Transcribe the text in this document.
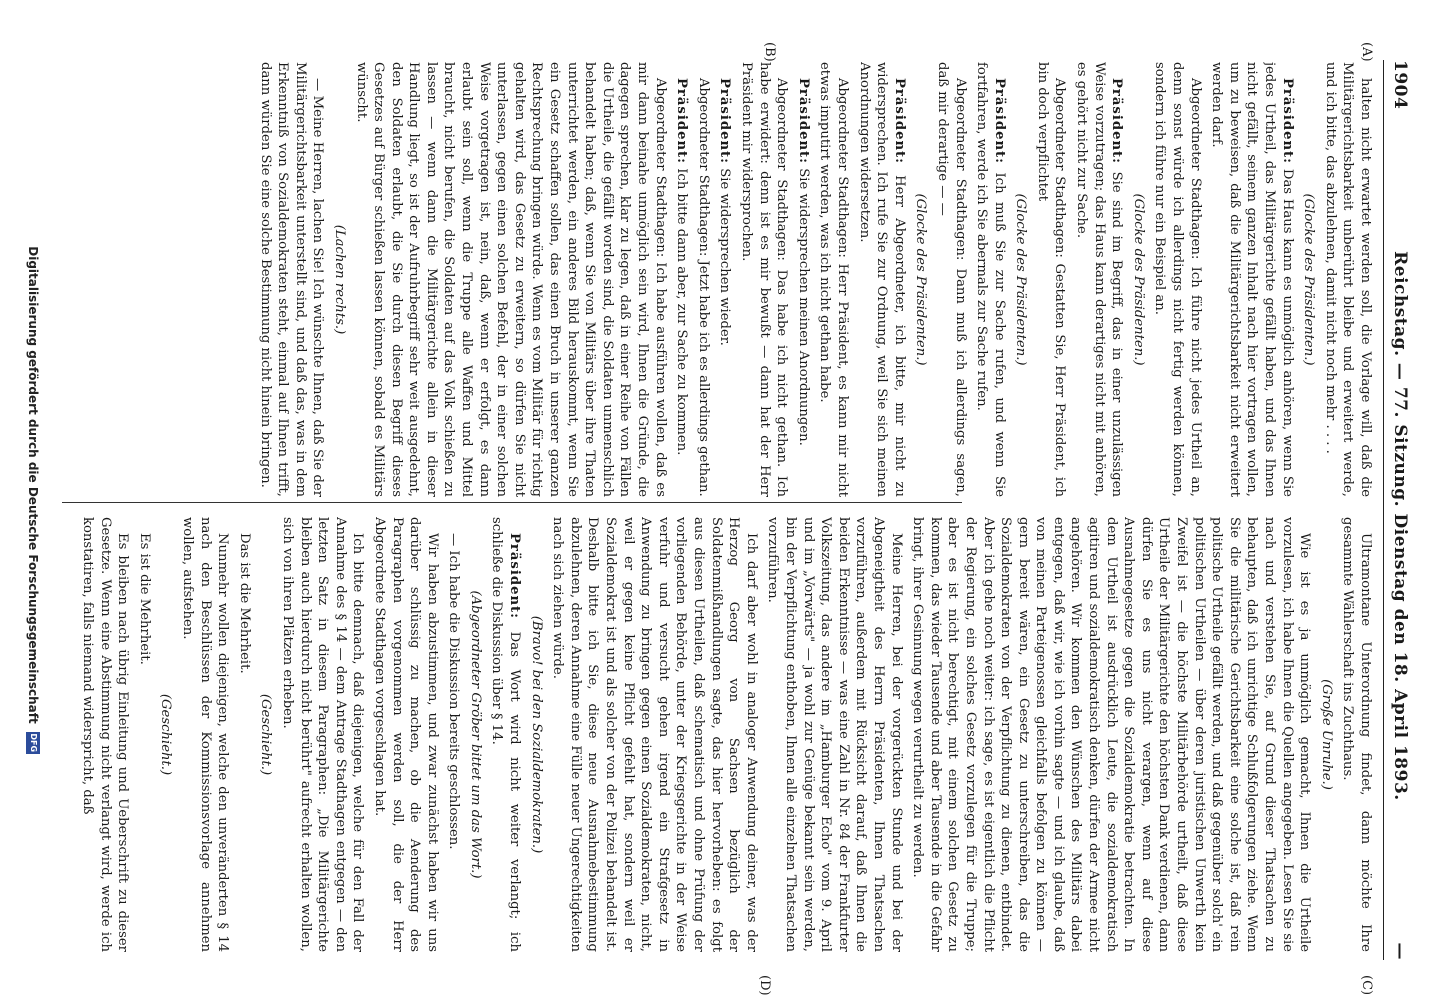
1904
Reichstag. — 77. Sitzung. Dienstag den 18. April 1893.
—
(A)
(B)
(C)
(D)

halten nicht erwartet werden soll, die Vorlage will, daß die Militärgerichtsbarkeit unberührt bleibe und erweitert werde, und ich bitte, das abzulehnen, damit nicht noch mehr . . . .

(Glocke des Präsidenten.)

Präsident: Das Haus kann es unmöglich anhören, wenn Sie jedes Urtheil, das Militärgerichte gefällt haben, und das Ihnen nicht gefällt, seinem ganzen Inhalt nach hier vortragen wollen, um zu beweisen, daß die Militärgerichtsbarkeit nicht erweitert werden darf.

Abgeordneter Stadthagen: Ich führe nicht jedes Urtheil an, denn sonst würde ich allerdings nicht fertig werden können, sondern ich führe nur ein Beispiel an.

(Glocke des Präsidenten.)

Präsident: Sie sind im Begriff, das in einer unzulässigen Weise vorzutragen; das Haus kann derartiges nicht mit anhören, es gehört nicht zur Sache.

Abgeordneter Stadthagen: Gestatten Sie, Herr Präsident, ich bin doch verpflichtet

(Glocke des Präsidenten.)

Präsident: Ich muß Sie zur Sache rufen, und wenn Sie fortfahren, werde ich Sie abermals zur Sache rufen.

Abgeordneter Stadthagen: Dann muß ich allerdings sagen, daß mir derartige — —

(Glocke des Präsidenten.)

Präsident: Herr Abgeordneter, ich bitte, mir nicht zu widersprechen. Ich rufe Sie zur Ordnung, weil Sie sich meinen Anordnungen widersetzen.

Abgeordneter Stadthagen: Herr Präsident, es kann mir nicht etwas imputirt werden, was ich nicht gethan habe.

Präsident: Sie widersprechen meinen Anordnungen.

Abgeordneter Stadthagen: Das habe ich nicht gethan. Ich habe erwidert: denn ist es mir bewußt — dann hat der Herr Präsident mir widersprochen.

Präsident: Sie widersprechen wieder.

Abgeordneter Stadthagen: Jetzt habe ich es allerdings gethan.

Präsident: Ich bitte dann aber, zur Sache zu kommen.

Abgeordneter Stadthagen: Ich habe ausführen wollen, daß es mir dann beinahe unmöglich sein wird, Ihnen die Gründe, die dagegen sprechen, klar zu legen, daß in einer Reihe von Fällen die Urtheile, die gefällt worden sind, die Soldaten unmenschlich behandelt haben; daß, wenn Sie von Militärs über ihre Thaten unterrichtet werden, ein anderes Bild herauskommt, wenn Sie ein Gesetz schaffen sollen, das einen Bruch in unserer ganzen Rechtsprechung bringen würde. Wenn es vom Militär für richtig gehalten wird, das Gesetz zu erweitern, so dürfen Sie nicht unterlassen, gegen einen solchen Befehl, der in einer solchen Weise vorgetragen ist, nein, daß, wenn er erfolgt, es dann erlaubt sein soll, wenn die Truppe alle Waffen und Mittel braucht, nicht berufen, die Soldaten auf das Volk schießen zu lassen — wenn dann die Militärgerichte allein in dieser Handlung liegt, so ist der Aufruhrbegriff sehr weit ausgedehnt, den Soldaten erlaubt, die Sie durch diesen Begriff dieses Gesetzes auf Bürger schießen lassen können, sobald es Militärs wünscht.

(Lachen rechts.)

— Meine Herren, lachen Sie! Ich wünschte Ihnen, daß Sie der Militärgerichtsbarkeit unterstellt sind, und daß das, was in dem Erkenntniß von Sozialdemokraten steht, einmal auf Ihnen trifft, dann würden Sie eine solche Bestimmung nicht hinein bringen.

Ultramontane Unterordnung findet, dann möchte Ihre gesammte Wählerschaft ins Zuchthaus.

(Große Unruhe.)

Wie ist es ja unmöglich gemacht, Ihnen die Urtheile vorzulesen, ich habe Ihnen die Quellen angegeben. Lesen Sie sie nach und verstehen Sie, auf Grund dieser Thatsachen zu behaupten, daß ich unrichtige Schlußfolgerungen ziehe. Wenn Sie die militärische Gerichtsbarkeit eine solche ist, daß rein politische Urtheile gefällt werden, und daß gegenüber solch' ein politischen Urtheilen — über deren juristischen Unwerth kein Zweifel ist — die höchste Militärbehörde urtheilt, daß diese Urtheile der Militärgerichte den höchsten Dank verdienen, dann dürfen Sie es uns nicht verargen, wenn auf diese Ausnahmegesetze gegen die Sozialdemokratie betrachten. In dem Urtheil ist ausdrücklich Leute, die sozialdemokratisch agitiren und sozialdemokratisch denken, dürfen der Armee nicht angehören. Wir kommen den Wünschen des Militärs dabei entgegen, daß wir, wie ich vorhin sagte — und ich glaube, daß von meinen Parteigenossen gleichfalls befolgen zu können — gern bereit wären, ein Gesetz zu unterschreiben, das die Sozialdemokraten von der Verpflichtung zu dienen, entbindet. Aber ich gehe noch weiter: ich sage, es ist eigentlich die Pflicht der Regierung, ein solches Gesetz vorzulegen für die Truppe; aber es ist nicht berechtigt, mit einem solchen Gesetz zu kommen, das wieder Tausende und aber Tausende in die Gefahr bringt, ihrer Gesinnung wegen verurtheilt zu werden.

Meine Herren, bei der vorgerückten Stunde und bei der Abgeneigtheit des Herrn Präsidenten, Ihnen Thatsachen vorzuführen, außerdem mit Rücksicht darauf, daß Ihnen die beiden Erkenntnisse — was eine Zahl in Nr. 84 der Frankfurter Volkszeitung, das andere im „Hamburger Echo" vom 9. April und im „Vorwärts" — ja wohl zur Genüge bekannt sein werden, bin der Verpflichtung enthoben, Ihnen alle einzelnen Thatsachen vorzuführen.

Ich darf aber wohl in analoger Anwendung deiner, was der Herzog Georg von Sachsen bezüglich der Soldatenmißhandlungen sagte, das hier hervorheben: es folgt aus diesen Urtheilen, daß schematisch und ohne Prüfung der vorliegenden Behörde, unter der Kriegsgerichte in der Weise verfuhr und versucht gehen irgend ein Strafgesetz in Anwendung zu bringen gegen einen Sozialdemokraten, nicht, weil er gegen keine Pflicht gefehlt hat, sondern weil er Sozialdemokrat ist und als solcher von der Polizei behandelt ist. Deshalb bitte ich Sie, diese neue Ausnahmebestimmung abzulehnen, deren Annahme eine Fülle neuer Ungerechtigkeiten nach sich ziehen würde.

(Bravo! bei den Sozialdemokraten.)

Präsident: Das Wort wird nicht weiter verlangt; ich schließe die Diskussion über § 14.

(Abgeordneter Gröber bittet um das Wort.)

— Ich habe die Diskussion bereits geschlossen.

Wir haben abzustimmen, und zwar zunächst haben wir uns darüber schlüssig zu machen, ob die Aenderung des Paragraphen vorgenommen werden soll, die der Herr Abgeordnete Stadthagen vorgeschlagen hat.

Ich bitte demnach, daß diejenigen, welche für den Fall der Annahme des § 14 — dem Antrage Stadthagen entgegen — den letzten Satz in diesem Paragraphen: „Die Militärgerichte bleiben auch hierdurch nicht berührt" aufrecht erhalten wollen, sich von ihren Plätzen erheben.

(Geschieht.)

Das ist die Mehrheit.

Nunmehr wollen diejenigen, welche den unveränderten § 14 nach den Beschlüssen der Kommissionsvorlage annehmen wollen, aufstehen.

(Geschieht.)

Es ist die Mehrheit.

Es bleiben nach übrig Einleitung und Ueberschrift zu dieser Gesetze. Wenn eine Abstimmung nicht verlangt wird, werde ich konstatiren, falls niemand widerspricht, daß

Digitalisierung gefördert durch die Deutsche Forschungsgemeinschaft
DFG
